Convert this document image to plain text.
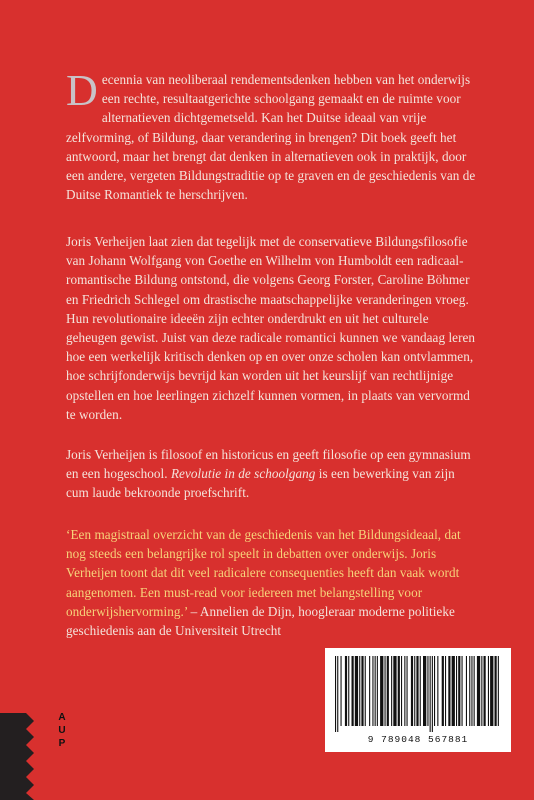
Decennia van neoliberaal rendementsdenken hebben van het onderwijs een rechte, resultaatgerichte schoolgang gemaakt en de ruimte voor alternatieven dichtgemetseld. Kan het Duitse ideaal van vrije zelfvorming, of Bildung, daar verandering in brengen? Dit boek geeft het antwoord, maar het brengt dat denken in alternatieven ook in praktijk, door een andere, vergeten Bildungstraditie op te graven en de geschiedenis van de Duitse Romantiek te herschrijven.

Joris Verheijen laat zien dat tegelijk met de conservatieve Bildungsfilosofie van Johann Wolfgang von Goethe en Wilhelm von Humboldt een radicaal-romantische Bildung ontstond, die volgens Georg Forster, Caroline Böhmer en Friedrich Schlegel om drastische maatschappelijke veranderingen vroeg. Hun revolutionaire ideeën zijn echter onderdrukt en uit het culturele geheugen gewist. Juist van deze radicale romantici kunnen we vandaag leren hoe een werkelijk kritisch denken op en over onze scholen kan ontvlammen, hoe schrijfonderwijs bevrijd kan worden uit het keurslijf van rechtlijnige opstellen en hoe leerlingen zichzelf kunnen vormen, in plaats van vervormd te worden.

Joris Verheijen is filosoof en historicus en geeft filosofie op een gymnasium en een hogeschool. Revolutie in de schoolgang is een bewerking van zijn cum laude bekroonde proefschrift.

‘Een magistraal overzicht van de geschiedenis van het Bildungsideaal, dat nog steeds een belangrijke rol speelt in debatten over onderwijs. Joris Verheijen toont dat dit veel radicalere consequenties heeft dan vaak wordt aangenomen. Een must-read voor iedereen met belangstelling voor onderwijshervorming.’ – Annelien de Dijn, hoogleraar moderne politieke geschiedenis aan de Universiteit Utrecht

9 789048 567881
A
U
P
